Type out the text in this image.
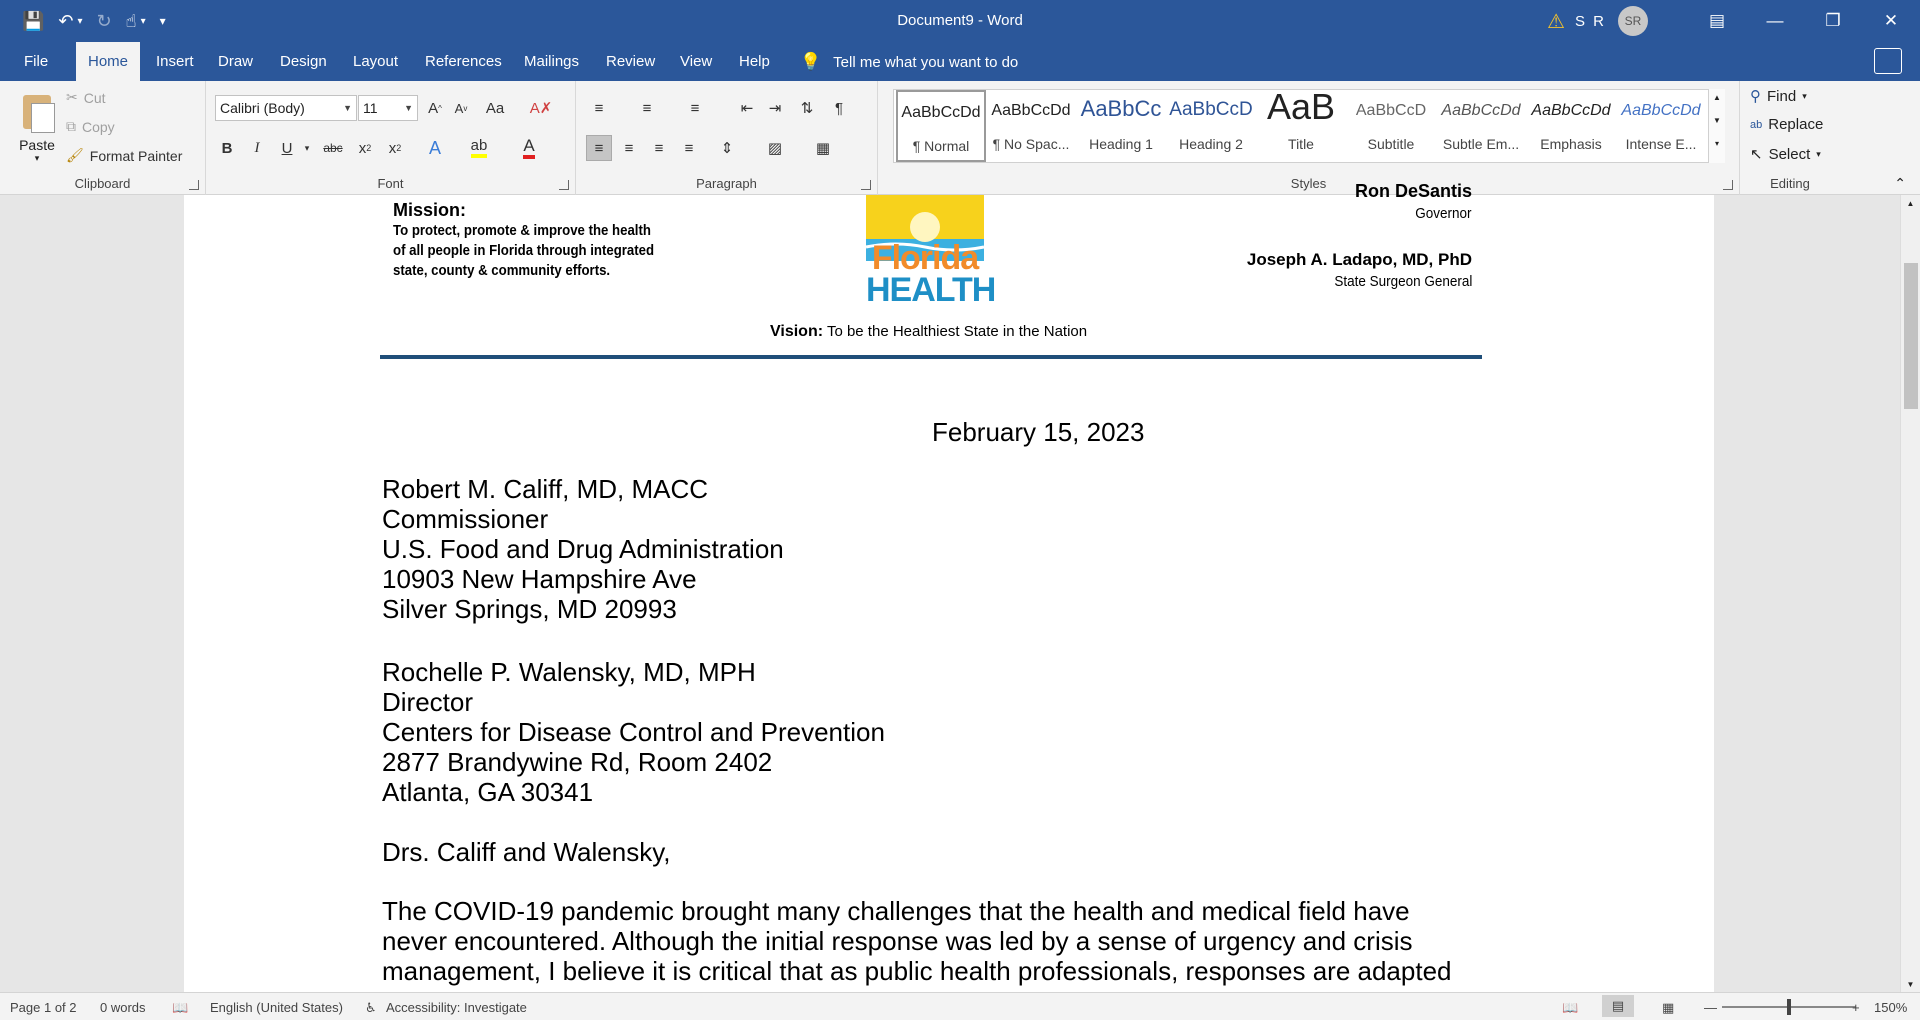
💾 ↶ ▾ ↻ ☝ ▾ ▾	Document9 - Word	⚠ S R	SR	▤	—	❐	✕
File	Home	Insert	Draw	Design	Layout	References	Mailings	Review	View	Help	💡 Tell me what you want to do
Paste
▾
✂ Cut
⧉ Copy
🖌 Format Painter
Clipboard
Calibri (Body)	▼ 11	▼	A ^ A v Aa A✗
B	I	U	▾	abc	x 2	x 2	A	ab A
Font
≡	≡	≡	⇤	⇥	⇅	¶
≡	≡	≡	≡	⇕	▨	▦
Paragraph	Styles
AaBbCcDd
¶ Normal
AaBbCcDd
¶ No Spac...
AaBbCc
Heading 1
AaBbCcD
Heading 2
AaB
Title
AaBbCcD
Subtitle
AaBbCcDd
Subtle Em...
AaBbCcDd
Emphasis
AaBbCcDd
Intense E...
▲
▼
▾
Editing
⚲ Find ▾
ab Replace
↖ Select ▾
⌃
Mission:
To protect, promote & improve the health
of all people in Florida through integrated
state, county & community efforts.	Florida
HEALTH
Ron DeSantis
Governor
Joseph A. Ladapo, MD, PhD
State Surgeon General
Vision: To be the Healthiest State in the Nation
February 15, 2023
Robert M. Califf, MD, MACC
Commissioner
U.S. Food and Drug Administration
10903 New Hampshire Ave
Silver Springs, MD 20993
Rochelle P. Walensky, MD, MPH
Director
Centers for Disease Control and Prevention
2877 Brandywine Rd, Room 2402
Atlanta, GA 30341
Drs. Califf and Walensky,
The COVID-19 pandemic brought many challenges that the health and medical field have
never encountered. Although the initial response was led by a sense of urgency and crisis
management, I believe it is critical that as public health professionals, responses are adapted
▲
▼
Page 1 of 2 0 words 📖 English (United States) ♿ Accessibility: Investigate	📖	▤	▦ —	+ 150%
